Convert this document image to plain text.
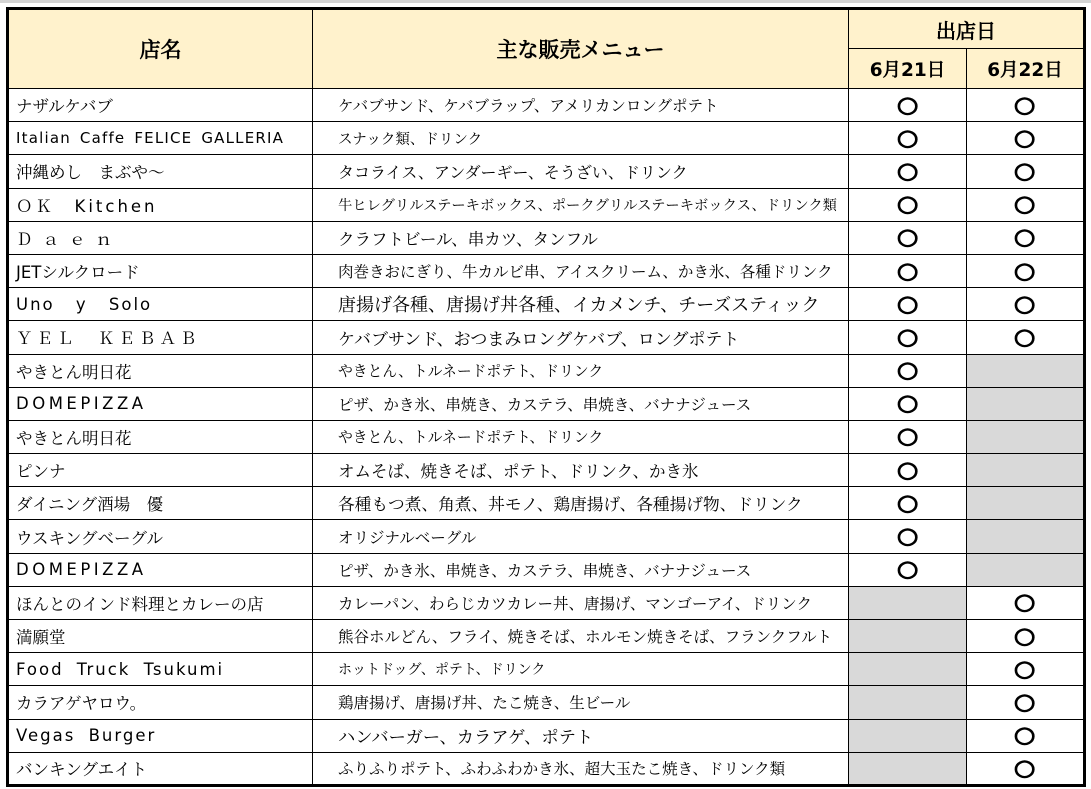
店名	主な販売メニュー	出店日	
		6月21日	6月22日
ナザルケバブ	ケバブサンド、ケバブラップ、アメリカンロングポテト	○	○
Italian Caffe FELICE GALLERIA	スナック類、ドリンク	○	○
沖縄めし　まぶや～	タコライス、アンダーギー、そうざい、ドリンク	○	○
ＯＫ　Kitchen	牛ヒレグリルステーキボックス、ポークグリルステーキボックス、ドリンク類	○	○
Ｄａｅｎ	クラフトビール、串カツ、タンフル	○	○
JETシルクロード	肉巻きおにぎり、牛カルビ串、アイスクリーム、かき氷、各種ドリンク	○	○
Uno y Solo	唐揚げ各種、唐揚げ丼各種、イカメンチ、チーズスティック	○	○
ＹＥＬ　ＫＥＢＡＢ	ケバブサンド、おつまみロングケバブ、ロングポテト	○	○
やきとん明日花	やきとん、トルネードポテト、ドリンク	○	
DOMEPIZZA	ピザ、かき氷、串焼き、カステラ、串焼き、バナナジュース	○	
やきとん明日花	やきとん、トルネードポテト、ドリンク	○	
ピンナ	オムそば、焼きそば、ポテト、ドリンク、かき氷	○	
ダイニング酒場　優	各種もつ煮、角煮、丼モノ、鶏唐揚げ、各種揚げ物、ドリンク	○	
ウスキングベーグル	オリジナルベーグル	○	
DOMEPIZZA	ピザ、かき氷、串焼き、カステラ、串焼き、バナナジュース	○	
ほんとのインド料理とカレーの店	カレーパン、わらじカツカレー丼、唐揚げ、マンゴーアイ、ドリンク		○
満願堂	熊谷ホルどん、フライ、焼きそば、ホルモン焼きそば、フランクフルト		○
Food Truck Tsukumi	ホットドッグ、ポテト、ドリンク		○
カラアゲヤロウ。	鶏唐揚げ、唐揚げ丼、たこ焼き、生ビール		○
Vegas Burger	ハンバーガー、カラアゲ、ポテト		○
バンキングエイト	ふりふりポテト、ふわふわかき氷、超大玉たこ焼き、ドリンク類		○
